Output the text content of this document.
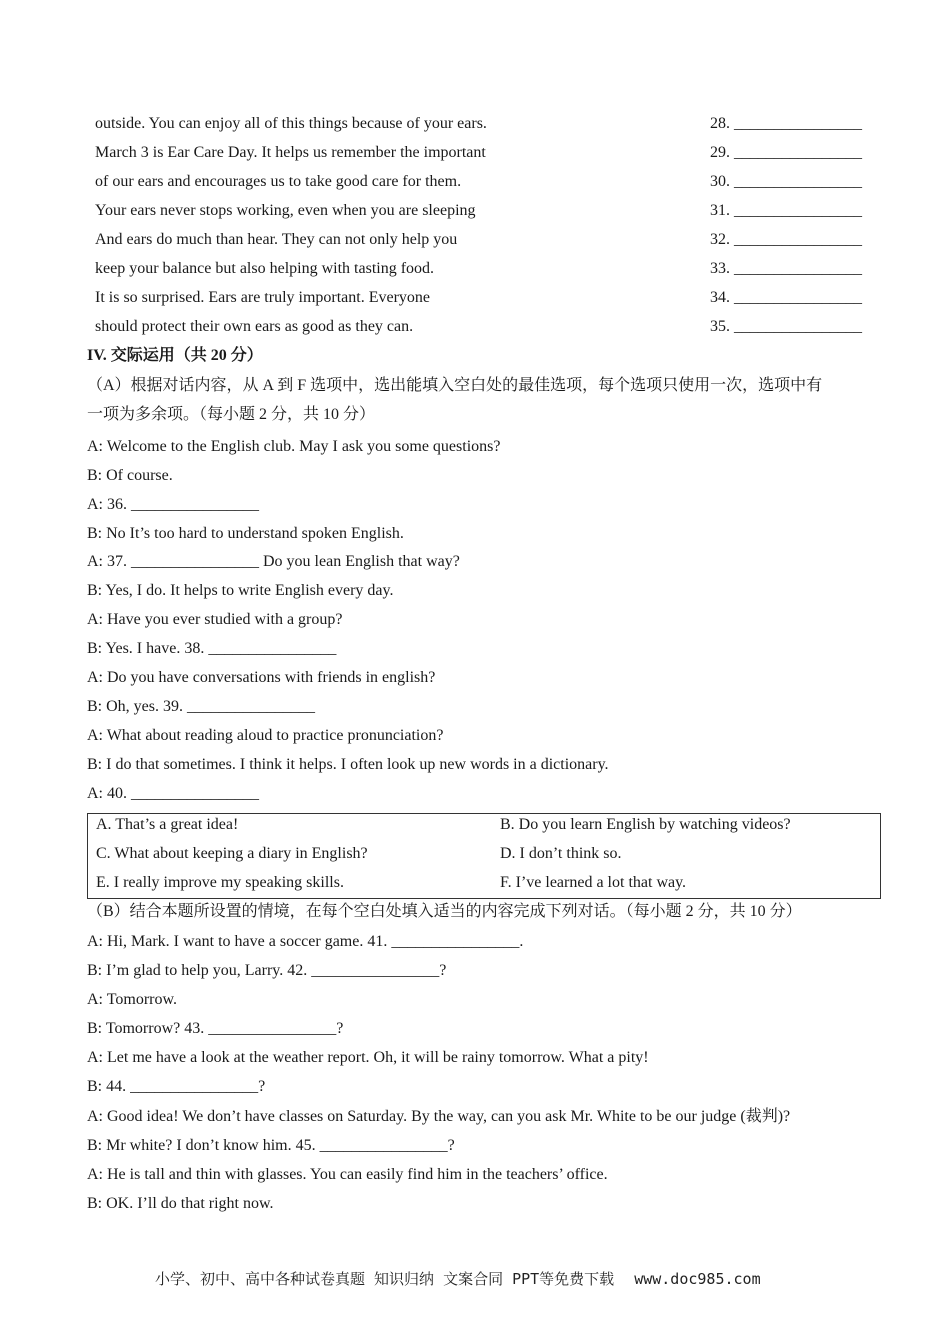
outside. You can enjoy all of this things because of your ears.	28. ________________
March 3 is Ear Care Day. It helps us remember the important	29. ________________
of our ears and encourages us to take good care for them.	30. ________________
Your ears never stops working, even when you are sleeping	31. ________________
And ears do much than hear. They can not only help you	32. ________________
keep your balance but also helping with tasting food.	33. ________________
It is so surprised. Ears are truly important. Everyone	34. ________________
should protect their own ears as good as they can.	35. ________________
IV. 交际运用（共 20 分）
（A）根据对话内容，从 A 到 F 选项中，选出能填入空白处的最佳选项，每个选项只使用一次，选项中有
一项为多余项。（每小题 2 分，共 10 分）
A: Welcome to the English club. May I ask you some questions?
B: Of course.
A: 36. ________________
B: No It’s too hard to understand spoken English.
A: 37. ________________ Do you lean English that way?
B: Yes, I do. It helps to write English every day.
A: Have you ever studied with a group?
B: Yes. I have. 38. ________________
A: Do you have conversations with friends in english?
B: Oh, yes. 39. ________________
A: What about reading aloud to practice pronunciation?
B: I do that sometimes. I think it helps. I often look up new words in a dictionary.
A: 40. ________________
A. That’s a great idea!	B. Do you learn English by watching videos?
C. What about keeping a diary in English?	D. I don’t think so.
E. I really improve my speaking skills.	F. I’ve learned a lot that way.
（B）结合本题所设置的情境，在每个空白处填入适当的内容完成下列对话。（每小题 2 分，共 10 分）
A: Hi, Mark. I want to have a soccer game. 41. ________________.
B: I’m glad to help you, Larry. 42. ________________?
A: Tomorrow.
B: Tomorrow? 43. ________________?
A: Let me have a look at the weather report. Oh, it will be rainy tomorrow. What a pity!
B: 44. ________________?
A: Good idea! We don’t have classes on Saturday. By the way, can you ask Mr. White to be our judge (裁判)?
B: Mr white? I don’t know him. 45. ________________?
A: He is tall and thin with glasses. You can easily find him in the teachers’ office.
B: OK. I’ll do that right now.
小学、初中、高中各种试卷真题 知识归纳 文案合同 PPT等免费下载 www.doc985.com
